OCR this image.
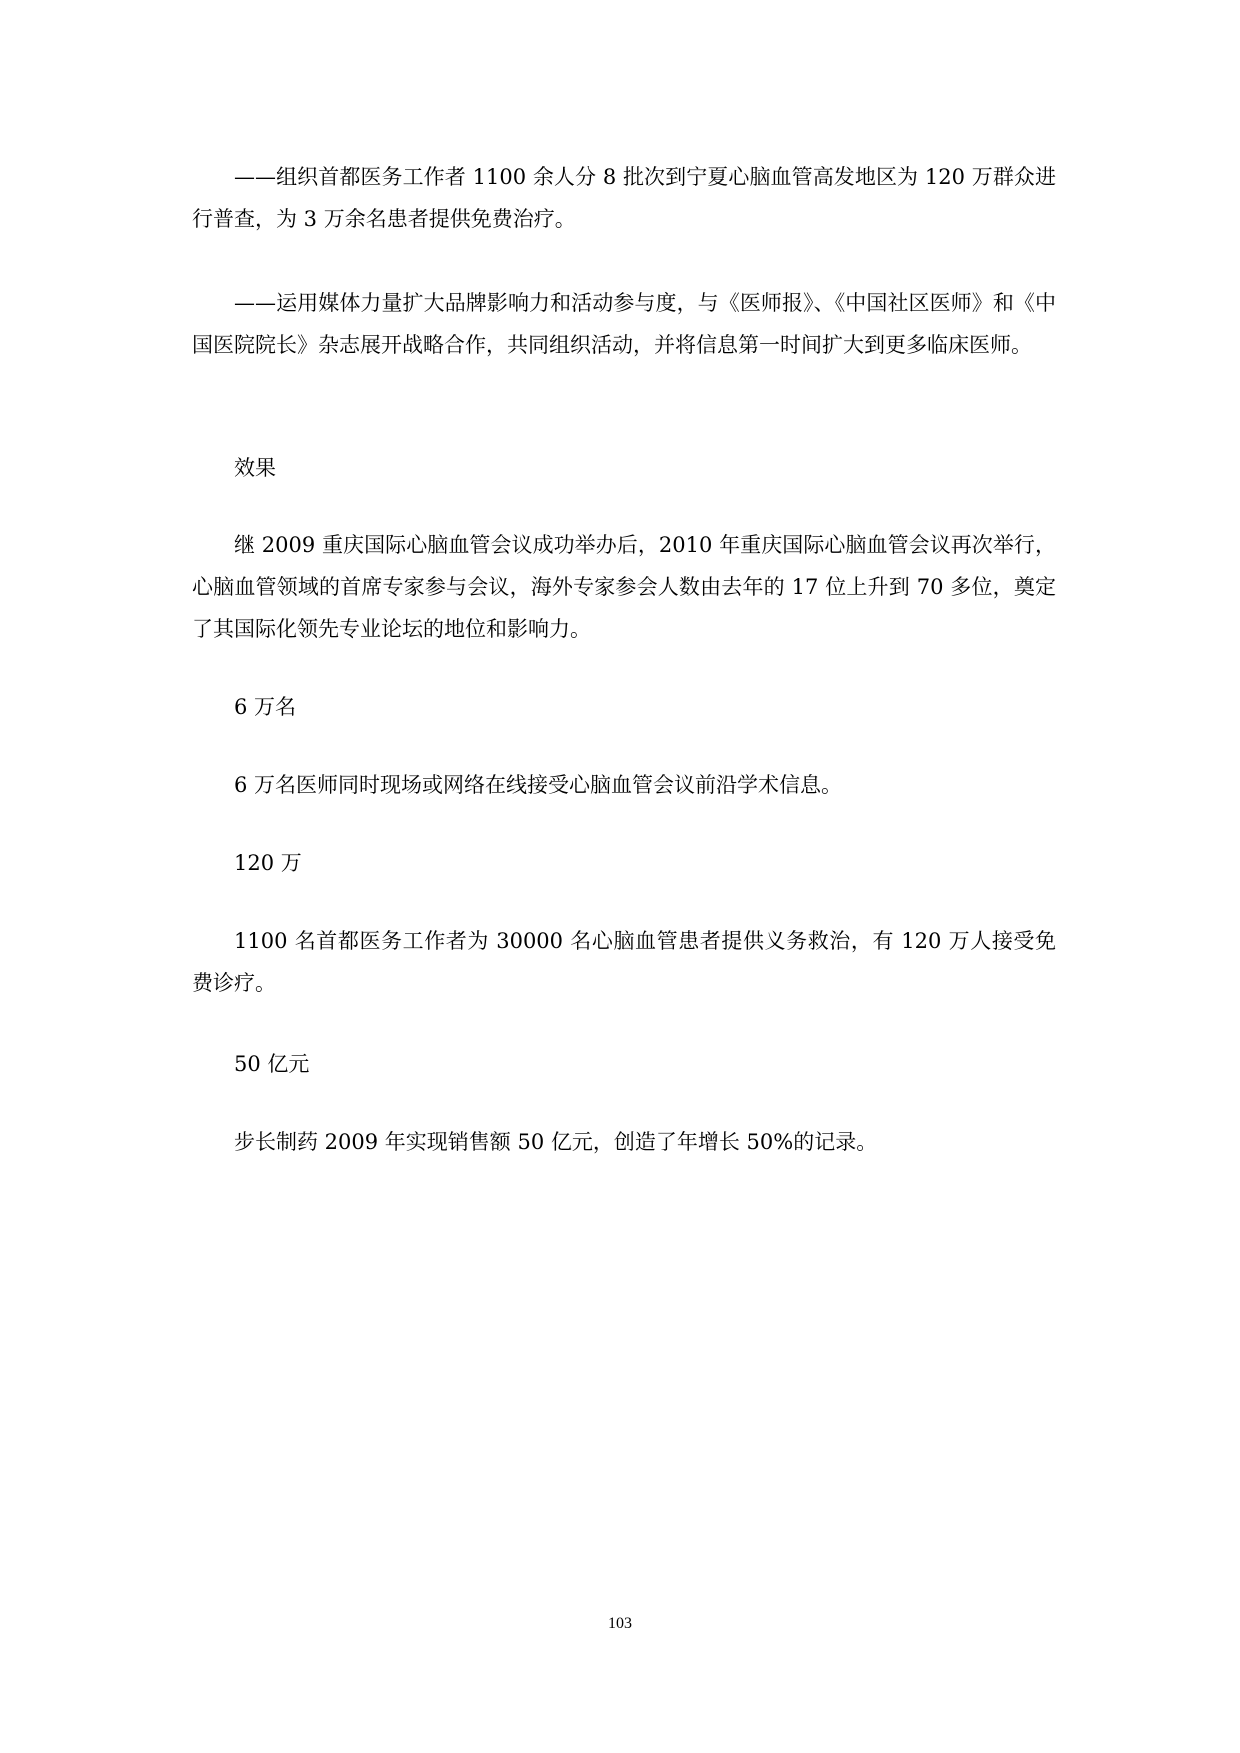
——组织首都医务工作者 1100 余人分 8 批次到宁夏心脑血管高发地区为 120 万群众进行普查，为 3 万余名患者提供免费治疗。

——运用媒体力量扩大品牌影响力和活动参与度，与《医师报》、《中国社区医师》和《中国医院院长》杂志展开战略合作，共同组织活动，并将信息第一时间扩大到更多临床医师。

效果

继 2009 重庆国际心脑血管会议成功举办后，2010 年重庆国际心脑血管会议再次举行，心脑血管领域的首席专家参与会议，海外专家参会人数由去年的 17 位上升到 70 多位，奠定了其国际化领先专业论坛的地位和影响力。

6 万名

6 万名医师同时现场或网络在线接受心脑血管会议前沿学术信息。

120 万

1100 名首都医务工作者为 30000 名心脑血管患者提供义务救治，有 120 万人接受免费诊疗。

50 亿元

步长制药 2009 年实现销售额 50 亿元，创造了年增长 50%的记录。

103
